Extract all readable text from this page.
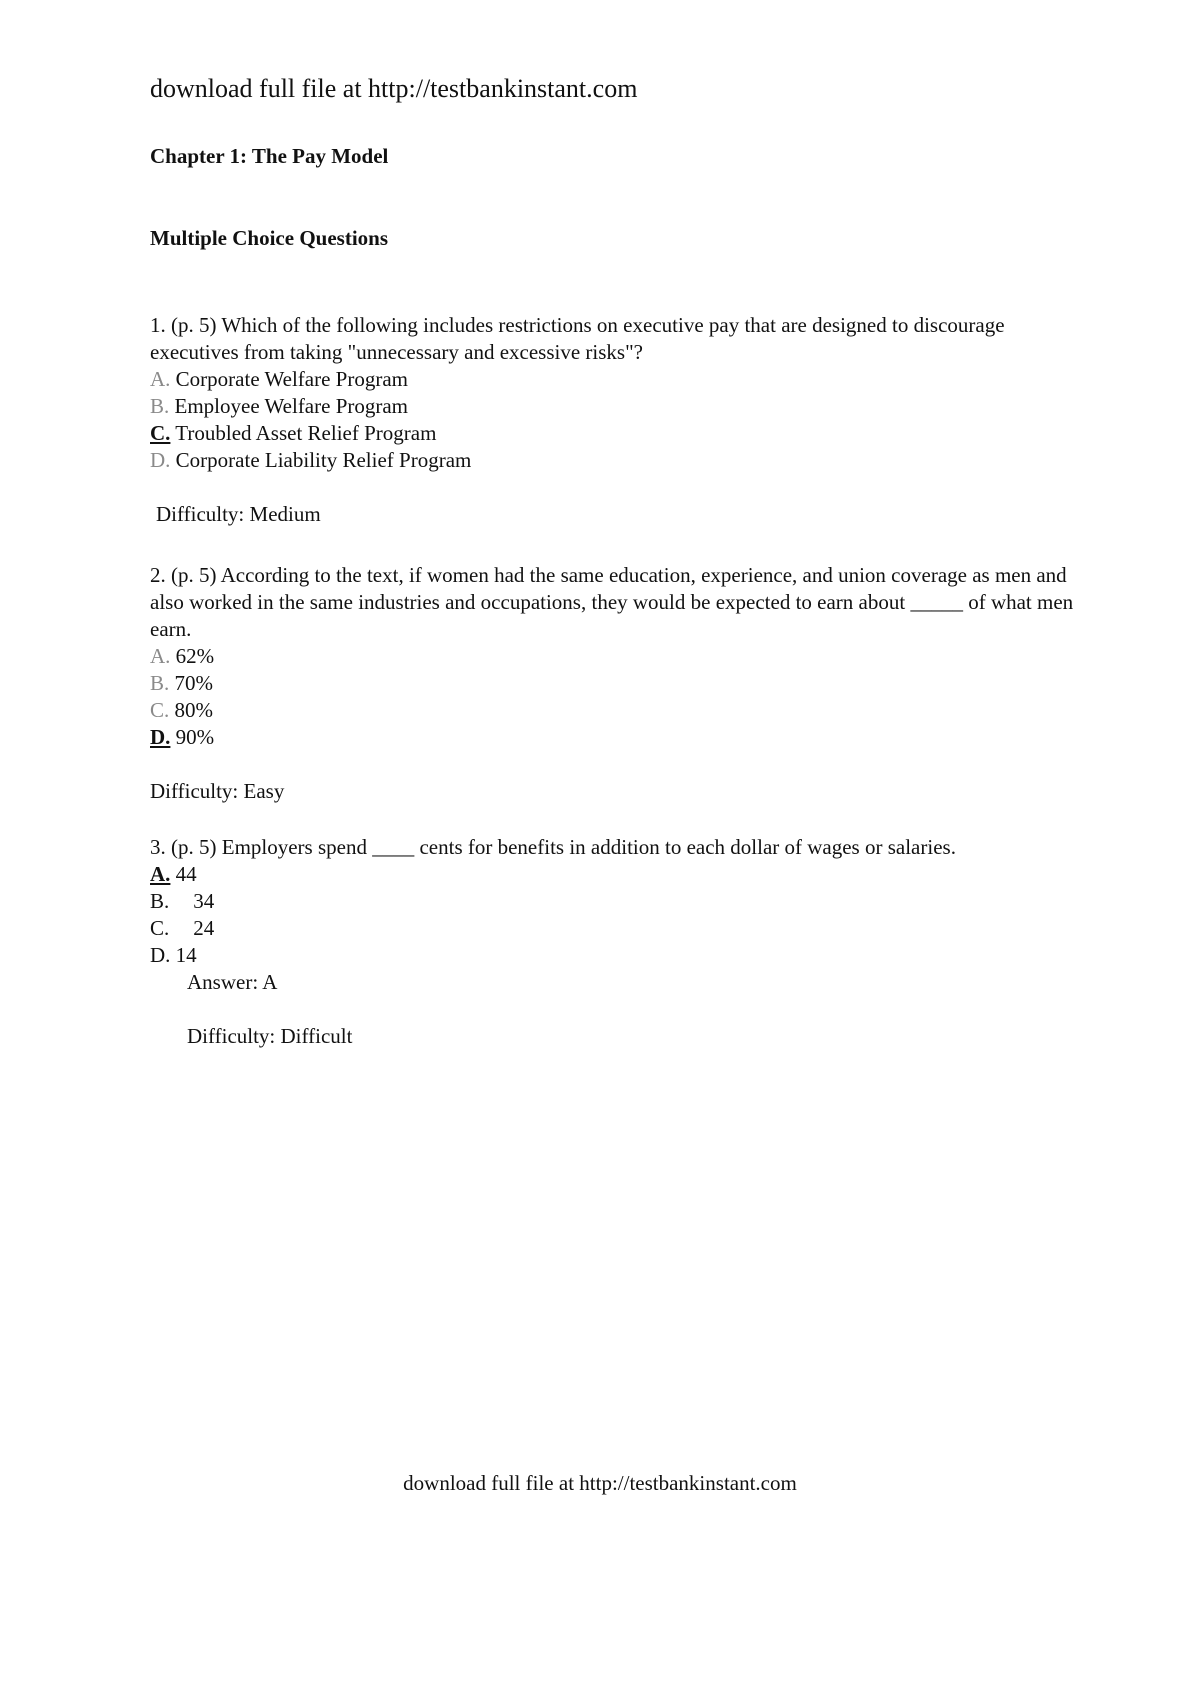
download full file at http://testbankinstant.com
Chapter 1: The Pay Model
Multiple Choice Questions

1. (p. 5) Which of the following includes restrictions on executive pay that are designed to discourage executives from taking "unnecessary and excessive risks"?

A. Corporate Welfare Program

B. Employee Welfare Program

C. Troubled Asset Relief Program

D. Corporate Liability Relief Program

Difficulty: Medium

2. (p. 5) According to the text, if women had the same education, experience, and union coverage as men and also worked in the same industries and occupations, they would be expected to earn about _____ of what men earn.

A. 62%

B. 70%

C. 80%

D. 90%

Difficulty: Easy

3. (p. 5) Employers spend ____ cents for benefits in addition to each dollar of wages or salaries.

A. 44

B. 34

C. 24

D. 14

Answer: A

Difficulty: Difficult

download full file at http://testbankinstant.com
